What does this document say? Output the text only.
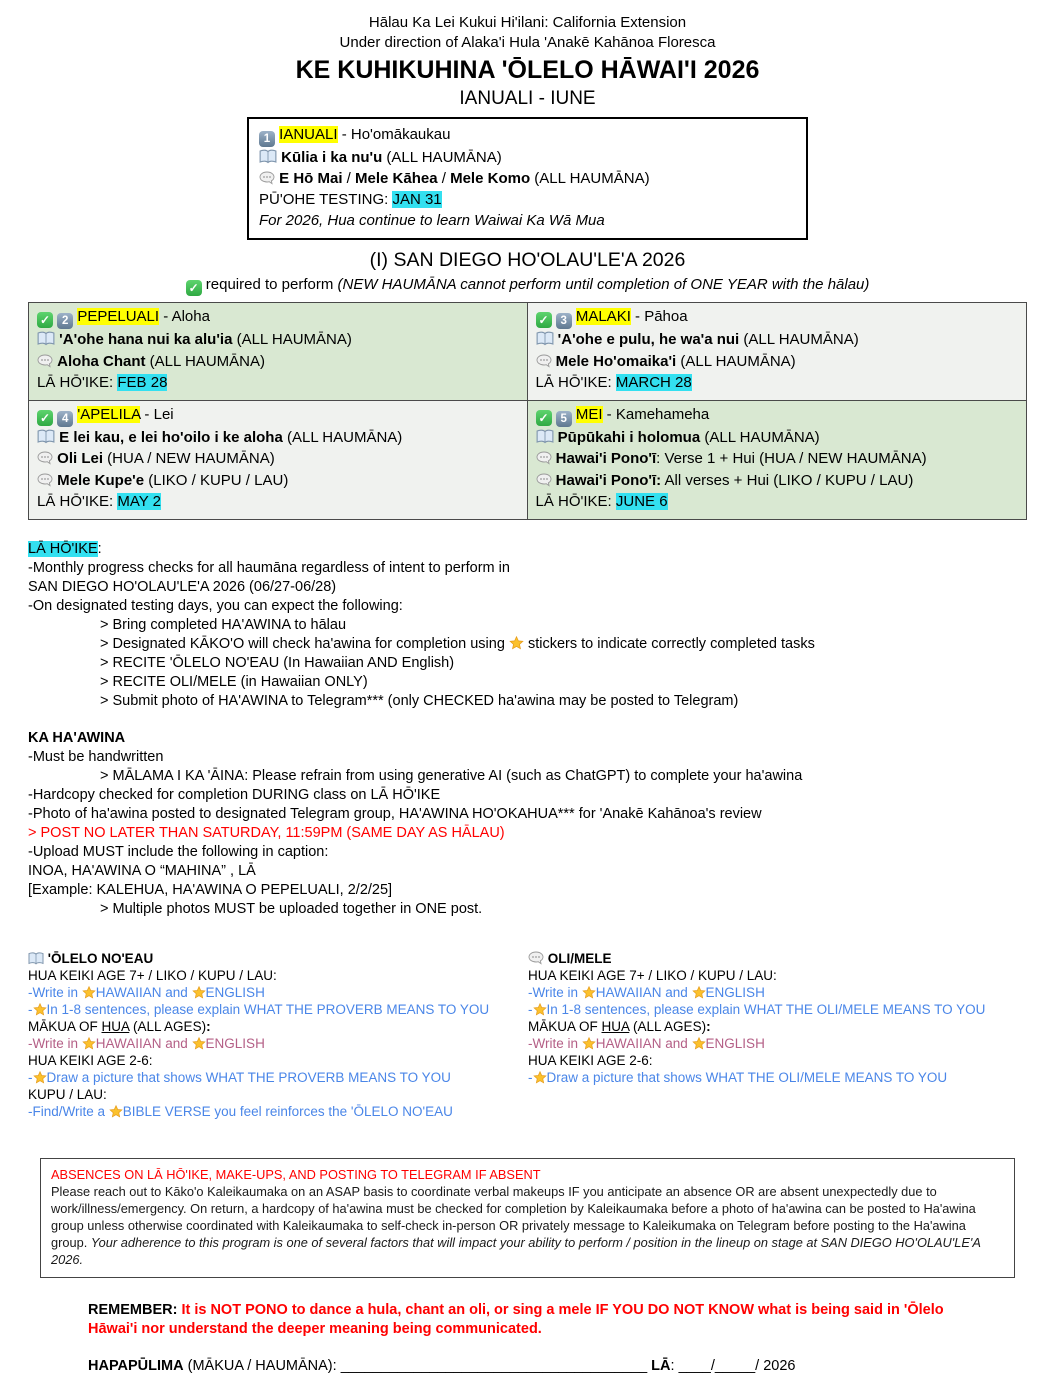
Hālau Ka Lei Kukui Hi'ilani: California Extension
Under direction of Alaka'i Hula 'Anakē Kahānoa Floresca
KE KUHIKUHINA 'ŌLELO HĀWAI'I 2026
IANUALI - IUNE
1 IANUALI - Ho'omākaukau
Kūlia i ka nu'u (ALL HAUMĀNA)
E Hō Mai / Mele Kāhea / Mele Komo (ALL HAUMĀNA)
PŪ'OHE TESTING: JAN 31
For 2026, Hua continue to learn Waiwai Ka Wā Mua
(I) SAN DIEGO HO'OLAU'LE'A 2026
✓ required to perform (NEW HAUMĀNA cannot perform until completion of ONE YEAR with the hālau)
✓ 2 PEPELUALI - Aloha
'A'ohe hana nui ka alu'ia (ALL HAUMĀNA)
Aloha Chant (ALL HAUMĀNA)
LĀ HŌ'IKE: FEB 28
✓ 3 MALAKI - Pāhoa
'A'ohe e pulu, he wa'a nui (ALL HAUMĀNA)
Mele Ho'omaika'i (ALL HAUMĀNA)
LĀ HŌ'IKE: MARCH 28
✓ 4 'APELILA - Lei
E lei kau, e lei ho'oilo i ke aloha (ALL HAUMĀNA)
Oli Lei (HUA / NEW HAUMĀNA)
Mele Kupe'e (LIKO / KUPU / LAU)
LĀ HŌ'IKE: MAY 2
✓ 5 MEI - Kamehameha
Pūpūkahi i holomua (ALL HAUMĀNA)
Hawai'i Pono'ī: Verse 1 + Hui (HUA / NEW HAUMĀNA)
Hawai'i Pono'ī: All verses + Hui (LIKO / KUPU / LAU)
LĀ HŌ'IKE: JUNE 6
LĀ HŌ'IKE:
-Monthly progress checks for all haumāna regardless of intent to perform in
SAN DIEGO HO'OLAU'LE'A 2026 (06/27-06/28)
-On designated testing days, you can expect the following:
> Bring completed HA'AWINA to hālau
> Designated KĀKO'O will check ha'awina for completion using  stickers to indicate correctly completed tasks
> RECITE 'ŌLELO NO'EAU (In Hawaiian AND English)
> RECITE OLI/MELE (in Hawaiian ONLY)
> Submit photo of HA'AWINA to Telegram*** (only CHECKED ha'awina may be posted to Telegram)
KA HA'AWINA
-Must be handwritten
> MĀLAMA I KA 'ĀINA: Please refrain from using generative AI (such as ChatGPT) to complete your ha'awina
-Hardcopy checked for completion DURING class on LĀ HŌ'IKE
-Photo of ha'awina posted to designated Telegram group, HA'AWINA HO'OKAHUA*** for 'Anakē Kahānoa's review
> POST NO LATER THAN SATURDAY, 11:59PM (SAME DAY AS HĀLAU)
-Upload MUST include the following in caption:
INOA, HA'AWINA O “MAHINA” , LĀ
[Example: KALEHUA, HA'AWINA O PEPELUALI, 2/2/25]
> Multiple photos MUST be uploaded together in ONE post.
'ŌLELO NO'EAU
HUA KEIKI AGE 7+ / LIKO / KUPU / LAU:
-Write in HAWAIIAN and ENGLISH
- In 1-8 sentences, please explain WHAT THE PROVERB MEANS TO YOU
MĀKUA OF HUA (ALL AGES):
-Write in HAWAIIAN and ENGLISH
HUA KEIKI AGE 2-6:
- Draw a picture that shows WHAT THE PROVERB MEANS TO YOU
KUPU / LAU:
-Find/Write a BIBLE VERSE you feel reinforces the 'ŌLELO NO'EAU
OLI/MELE
HUA KEIKI AGE 7+ / LIKO / KUPU / LAU:
-Write in HAWAIIAN and ENGLISH
- In 1-8 sentences, please explain WHAT THE OLI/MELE MEANS TO YOU
MĀKUA OF HUA (ALL AGES):
-Write in HAWAIIAN and ENGLISH
HUA KEIKI AGE 2-6:
- Draw a picture that shows WHAT THE OLI/MELE MEANS TO YOU
ABSENCES ON LĀ HŌ'IKE, MAKE-UPS, AND POSTING TO TELEGRAM IF ABSENT
Please reach out to Kāko'o Kaleikaumaka on an ASAP basis to coordinate verbal makeups IF you anticipate an absence OR are absent unexpectedly due to work/illness/emergency. On return, a hardcopy of ha'awina must be checked for completion by Kaleikaumaka before a photo of ha'awina can be posted to Ha'awina group unless otherwise coordinated with Kaleikaumaka to self-check in-person OR privately message to Kaleikumaka on Telegram before posting to the Ha'awina group. Your adherence to this program is one of several factors that will impact your ability to perform / position in the lineup on stage at SAN DIEGO HO'OLAU'LE'A 2026.
REMEMBER: It is NOT PONO to dance a hula, chant an oli, or sing a mele IF YOU DO NOT KNOW what is being said in 'Ōlelo Hāwai'i nor understand the deeper meaning being communicated.
HAPAPŪLIMA (MĀKUA / HAUMĀNA): ______________________________________ LĀ: ____/_____/ 2026
